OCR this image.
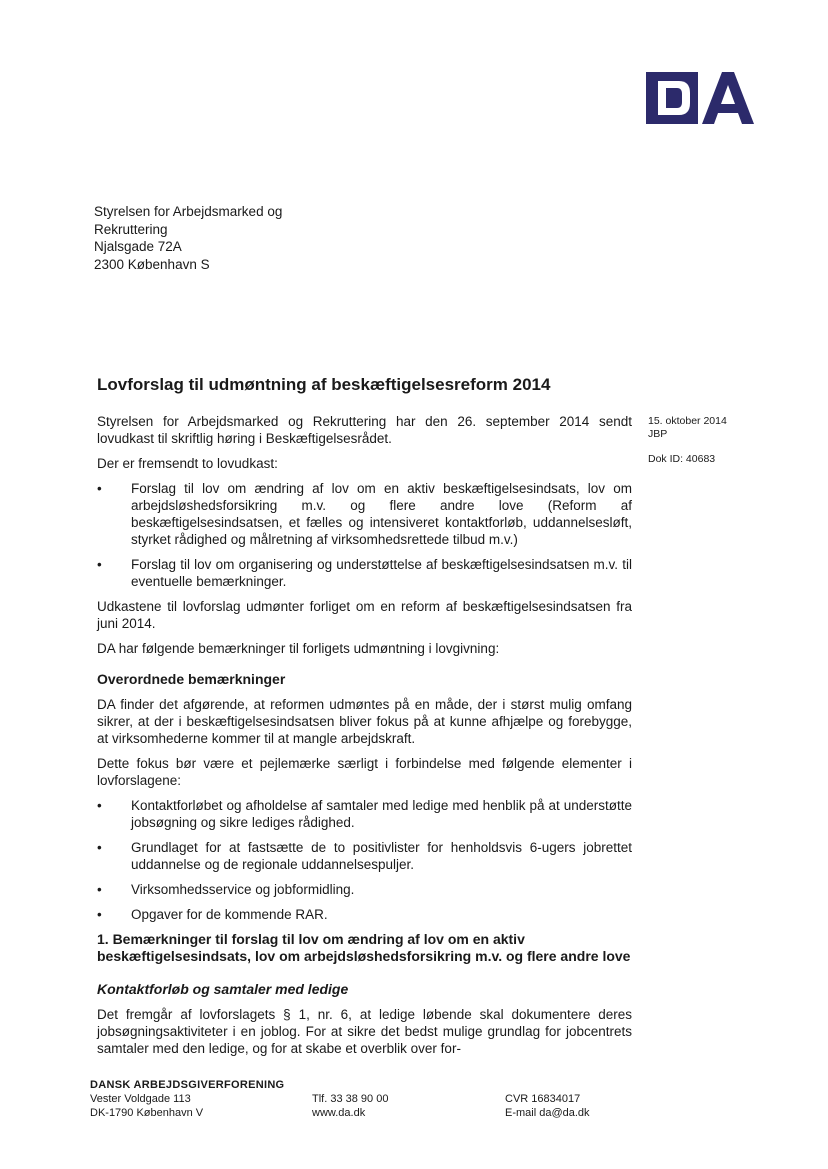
Styrelsen for Arbejdsmarked og
Rekruttering
Njalsgade 72A
2300 København S
Lovforslag til udmøntning af beskæftigelsesreform 2014
15. oktober 2014
JBP
Dok ID: 40683

Styrelsen for Arbejdsmarked og Rekruttering har den 26. september 2014 sendt lovudkast til skriftlig høring i Beskæftigelsesrådet.

Der er fremsendt to lovudkast:

• Forslag til lov om ændring af lov om en aktiv beskæftigelsesindsats, lov om arbejdsløshedsforsikring m.v. og flere andre love (Reform af beskæftigelsesindsatsen, et fælles og intensiveret kontaktforløb, uddannelsesløft, styrket rådighed og målretning af virksomhedsrettede tilbud m.v.)
• Forslag til lov om organisering og understøttelse af beskæftigelsesindsatsen m.v. til eventuelle bemærkninger.

Udkastene til lovforslag udmønter forliget om en reform af beskæftigelsesindsatsen fra juni 2014.

DA har følgende bemærkninger til forligets udmøntning i lovgivning:

Overordnede bemærkninger

DA finder det afgørende, at reformen udmøntes på en måde, der i størst mulig omfang sikrer, at der i beskæftigelsesindsatsen bliver fokus på at kunne afhjælpe og forebygge, at virksomhederne kommer til at mangle arbejdskraft.

Dette fokus bør være et pejlemærke særligt i forbindelse med følgende elementer i lovforslagene:

• Kontaktforløbet og afholdelse af samtaler med ledige med henblik på at understøtte jobsøgning og sikre lediges rådighed.
• Grundlaget for at fastsætte de to positivlister for henholdsvis 6-ugers jobrettet uddannelse og de regionale uddannelsespuljer.
• Virksomhedsservice og jobformidling.
• Opgaver for de kommende RAR.
1. Bemærkninger til forslag til lov om ændring af lov om en aktiv beskæftigelsesindsats, lov om arbejdsløshedsforsikring m.v. og flere andre love
Kontaktforløb og samtaler med ledige

Det fremgår af lovforslagets § 1, nr. 6, at ledige løbende skal dokumentere deres jobsøgningsaktiviteter i en joblog. For at sikre det bedst mulige grundlag for jobcentrets samtaler med den ledige, og for at skabe et overblik over for-

DANSK ARBEJDSGIVERFORENING
Vester Voldgade 113
DK-1790 København V
Tlf. 33 38 90 00
www.da.dk
CVR 16834017
E-mail da@da.dk
